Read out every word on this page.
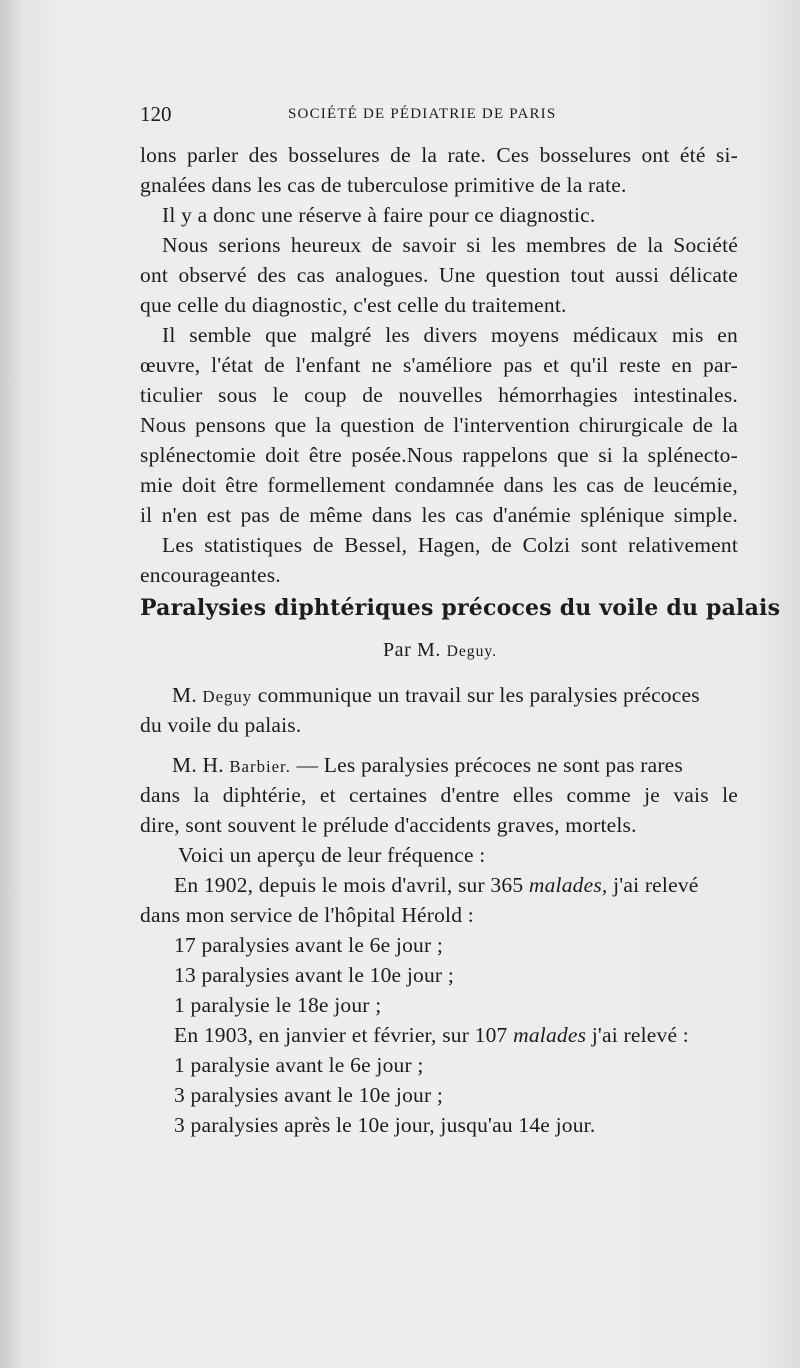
120	SOCIÉTÉ DE PÉDIATRIE DE PARIS
lons parler des bosselures de la rate. Ces bosselures ont été si-
gnalées dans les cas de tuberculose primitive de la rate.
Il y a donc une réserve à faire pour ce diagnostic.
Nous serions heureux de savoir si les membres de la Société
ont observé des cas analogues. Une question tout aussi délicate
que celle du diagnostic, c'est celle du traitement.
Il semble que malgré les divers moyens médicaux mis en
œuvre, l'état de l'enfant ne s'améliore pas et qu'il reste en par-
ticulier sous le coup de nouvelles hémorrhagies intestinales.
Nous pensons que la question de l'intervention chirurgicale de la
splénectomie doit être posée.Nous rappelons que si la splénecto-
mie doit être formellement condamnée dans les cas de leucémie,
il n'en est pas de même dans les cas d'anémie splénique simple.
Les statistiques de Bessel, Hagen, de Colzi sont relativement
encourageantes.
Paralysies diphtériques précoces du voile du palais
Par M. Deguy.
M. Deguy communique un travail sur les paralysies précoces
du voile du palais.
M. H. Barbier. — Les paralysies précoces ne sont pas rares
dans la diphtérie, et certaines d'entre elles comme je vais le
dire, sont souvent le prélude d'accidents graves, mortels.
Voici un aperçu de leur fréquence :
En 1902, depuis le mois d'avril, sur 365 malades, j'ai relevé
dans mon service de l'hôpital Hérold :
17 paralysies avant le 6e jour ;
13 paralysies avant le 10e jour ;
1 paralysie le 18e jour ;
En 1903, en janvier et février, sur 107 malades j'ai relevé :
1 paralysie avant le 6e jour ;
3 paralysies avant le 10e jour ;
3 paralysies après le 10e jour, jusqu'au 14e jour.
